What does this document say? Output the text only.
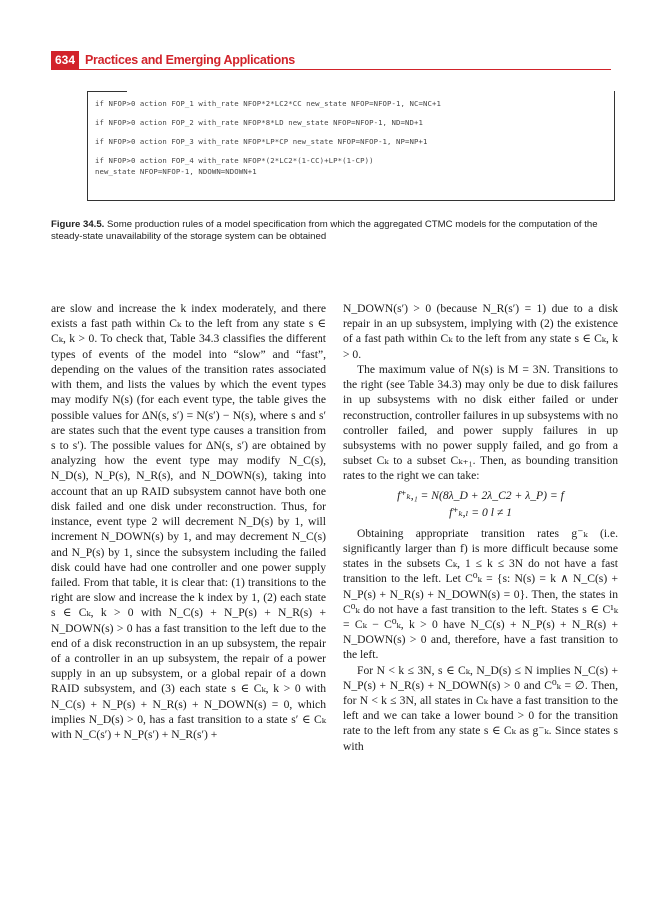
634 Practices and Emerging Applications
if NFOP>0 action FOP_1 with_rate NFOP*2*LC2*CC new_state NFOP=NFOP-1, NC=NC+1
if NFOP>0 action FOP_2 with_rate NFOP*8*LD new_state NFOP=NFOP-1, ND=ND+1
if NFOP>0 action FOP_3 with_rate NFOP*LP*CP new_state NFOP=NFOP-1, NP=NP+1
if NFOP>0 action FOP_4 with_rate NFOP*(2*LC2*(1-CC)+LP*(1-CP))
new_state NFOP=NFOP-1, NDOWN=NDOWN+1
Figure 34.5. Some production rules of a model specification from which the aggregated CTMC models for the computation of the steady-state unavailability of the storage system can be obtained

are slow and increase the k index moderately, and there exists a fast path within Cₖ to the left from any state s ∈ Cₖ, k > 0. To check that, Table 34.3 classifies the different types of events of the model into “slow” and “fast”, depending on the values of the transition rates associated with them, and lists the values by which the event types may modify N(s) (for each event type, the table gives the possible values for ΔN(s, s′) = N(s′) − N(s), where s and s′ are states such that the event type causes a transition from s to s′). The possible values for ΔN(s, s′) are obtained by analyzing how the event type may modify N_C(s), N_D(s), N_P(s), N_R(s), and N_DOWN(s), taking into account that an up RAID subsystem cannot have both one disk failed and one disk under reconstruction. Thus, for instance, event type 2 will decrement N_D(s) by 1, will increment N_DOWN(s) by 1, and may decrement N_C(s) and N_P(s) by 1, since the subsystem including the failed disk could have had one controller and one power supply failed. From that table, it is clear that: (1) transitions to the right are slow and increase the k index by 1, (2) each state s ∈ Cₖ, k > 0 with N_C(s) + N_P(s) + N_R(s) + N_DOWN(s) > 0 has a fast transition to the left due to the end of a disk reconstruction in an up subsystem, the repair of a controller in an up subsystem, the repair of a power supply in an up subsystem, or a global repair of a down RAID subsystem, and (3) each state s ∈ Cₖ, k > 0 with N_C(s) + N_P(s) + N_R(s) + N_DOWN(s) = 0, which implies N_D(s) > 0, has a fast transition to a state s′ ∈ Cₖ with N_C(s′) + N_P(s′) + N_R(s′) +

N_DOWN(s′) > 0 (because N_R(s′) = 1) due to a disk repair in an up subsystem, implying with (2) the existence of a fast path within Cₖ to the left from any state s ∈ Cₖ, k > 0.

The maximum value of N(s) is M = 3N. Transitions to the right (see Table 34.3) may only be due to disk failures in up subsystems with no disk either failed or under reconstruction, controller failures in up subsystems with no controller failed, and power supply failures in up subsystems with no power supply failed, and go from a subset Cₖ to a subset Cₖ₊₁. Then, as bounding transition rates to the right we can take:

f⁺ₖ,₁ = N(8λ_D + 2λ_C2 + λ_P) = f

f⁺ₖ,ₗ = 0 l ≠ 1

Obtaining appropriate transition rates g⁻ₖ (i.e. significantly larger than f) is more difficult because some states in the subsets Cₖ, 1 ≤ k ≤ 3N do not have a fast transition to the left. Let C⁰ₖ = {s: N(s) = k ∧ N_C(s) + N_P(s) + N_R(s) + N_DOWN(s) = 0}. Then, the states in C⁰ₖ do not have a fast transition to the left. States s ∈ C¹ₖ = Cₖ − C⁰ₖ, k > 0 have N_C(s) + N_P(s) + N_R(s) + N_DOWN(s) > 0 and, therefore, have a fast transition to the left.

For N < k ≤ 3N, s ∈ Cₖ, N_D(s) ≤ N implies N_C(s) + N_P(s) + N_R(s) + N_DOWN(s) > 0 and C⁰ₖ = ∅. Then, for N < k ≤ 3N, all states in Cₖ have a fast transition to the left and we can take a lower bound > 0 for the transition rate to the left from any state s ∈ Cₖ as g⁻ₖ. Since states s with
